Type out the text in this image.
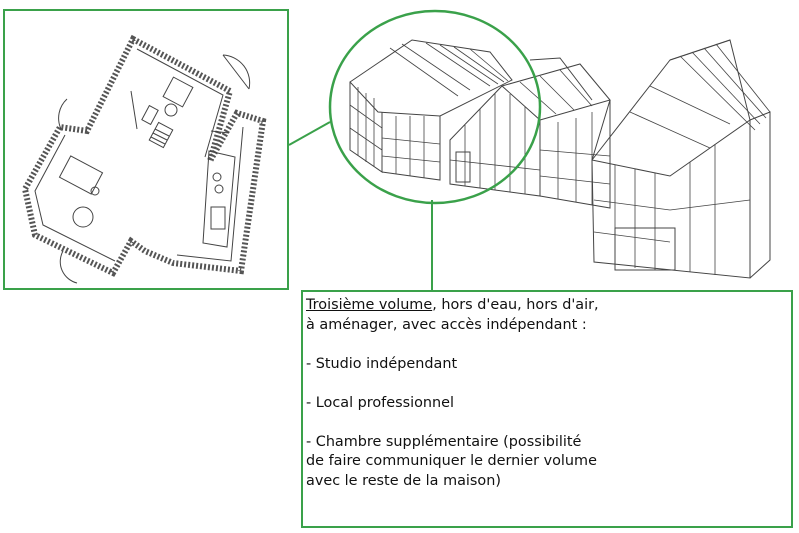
Troisième volume, hors d'eau, hors d'air,

à aménager, avec accès indépendant :

- Studio indépendant

- Local professionnel

- Chambre supplémentaire (possibilité

de faire communiquer le dernier volume

avec le reste de la maison)
